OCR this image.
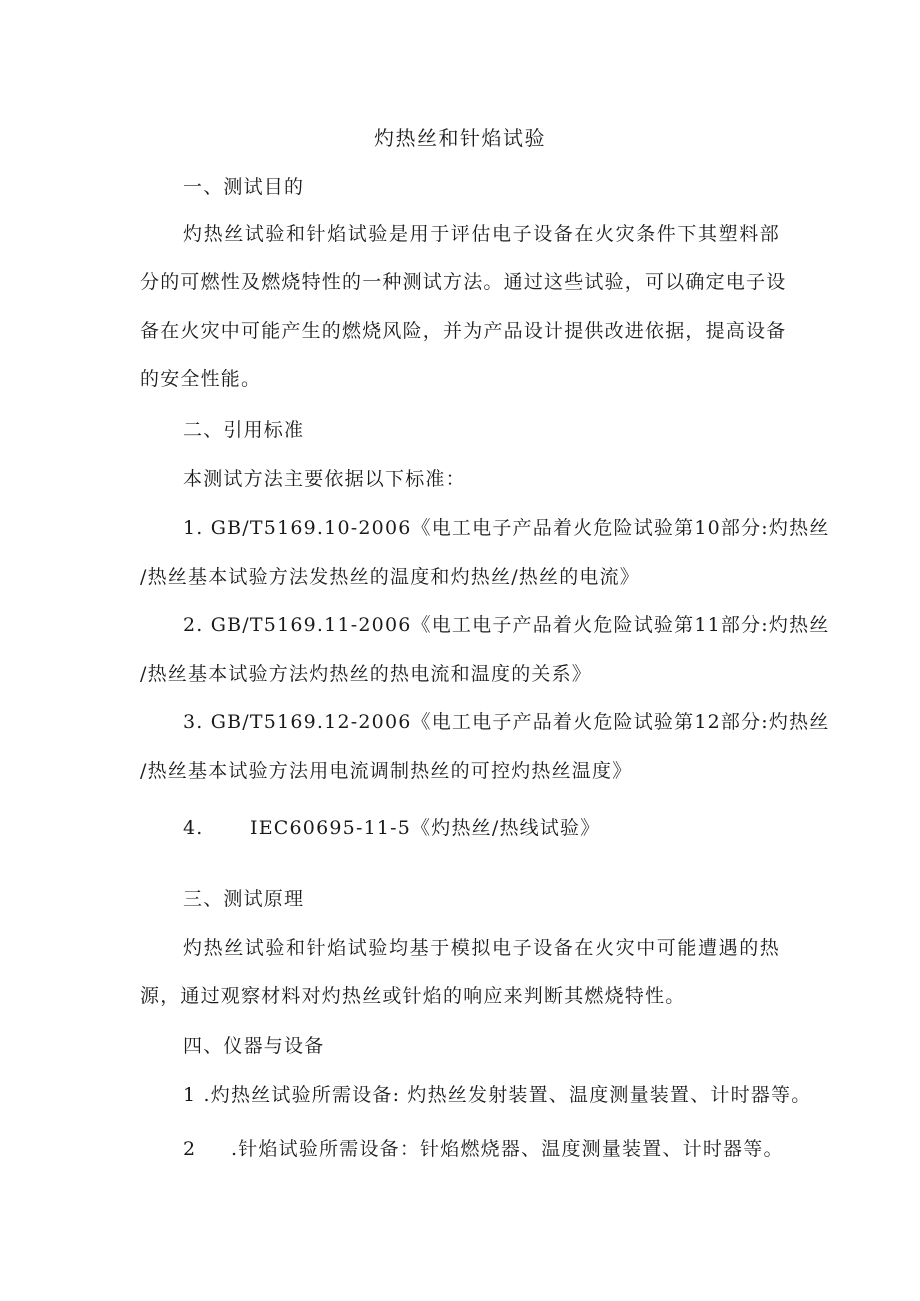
灼热丝和针焰试验
一、测试目的
灼热丝试验和针焰试验是用于评估电子设备在火灾条件下其塑料部
分的可燃性及燃烧特性的一种测试方法。通过这些试验，可以确定电子设
备在火灾中可能产生的燃烧风险，并为产品设计提供改进依据，提高设备
的安全性能。
二、引用标准
本测试方法主要依据以下标准：
1. GB/T5169.10-2006《电工电子产品着火危险试验第10部分:灼热丝
/热丝基本试验方法发热丝的温度和灼热丝/热丝的电流》
2. GB/T5169.11-2006《电工电子产品着火危险试验第11部分:灼热丝
/热丝基本试验方法灼热丝的热电流和温度的关系》
3. GB/T5169.12-2006《电工电子产品着火危险试验第12部分:灼热丝
/热丝基本试验方法用电流调制热丝的可控灼热丝温度》
4. IEC60695-11-5《灼热丝/热线试验》
三、测试原理
灼热丝试验和针焰试验均基于模拟电子设备在火灾中可能遭遇的热
源，通过观察材料对灼热丝或针焰的响应来判断其燃烧特性。
四、仪器与设备
1 .灼热丝试验所需设备: 灼热丝发射装置、温度测量装置、计时器等。
2 .针焰试验所需设备：针焰燃烧器、温度测量装置、计时器等。
